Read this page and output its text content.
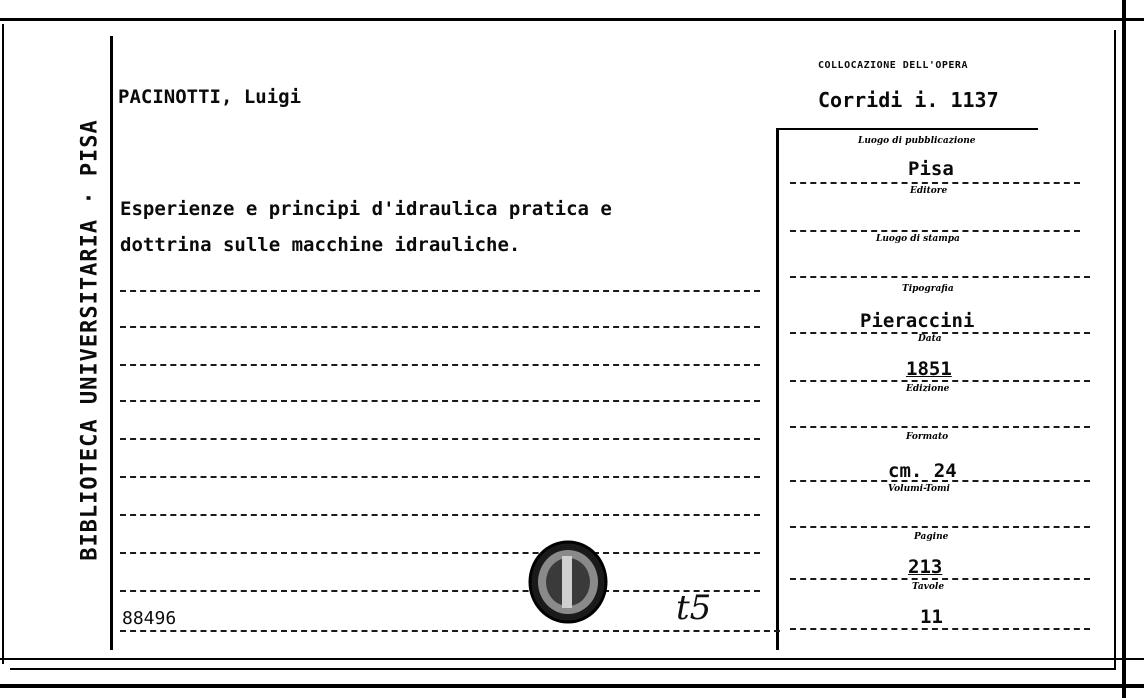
BIBLIOTECA UNIVERSITARIA · PISA
PACINOTTI, Luigi
Esperienze e principi d'idraulica pratica e
dottrina sulle macchine idrauliche.
88496	t5
COLLOCAZIONE DELL'OPERA
Corridi i. 1137
Luogo di pubblicazione
Pisa
Editore
Luogo di stampa
Tipografia
Pieraccini
Data
1851
Edizione
Formato
cm. 24
Volumi-Tomi
Pagine
213
Tavole
11
